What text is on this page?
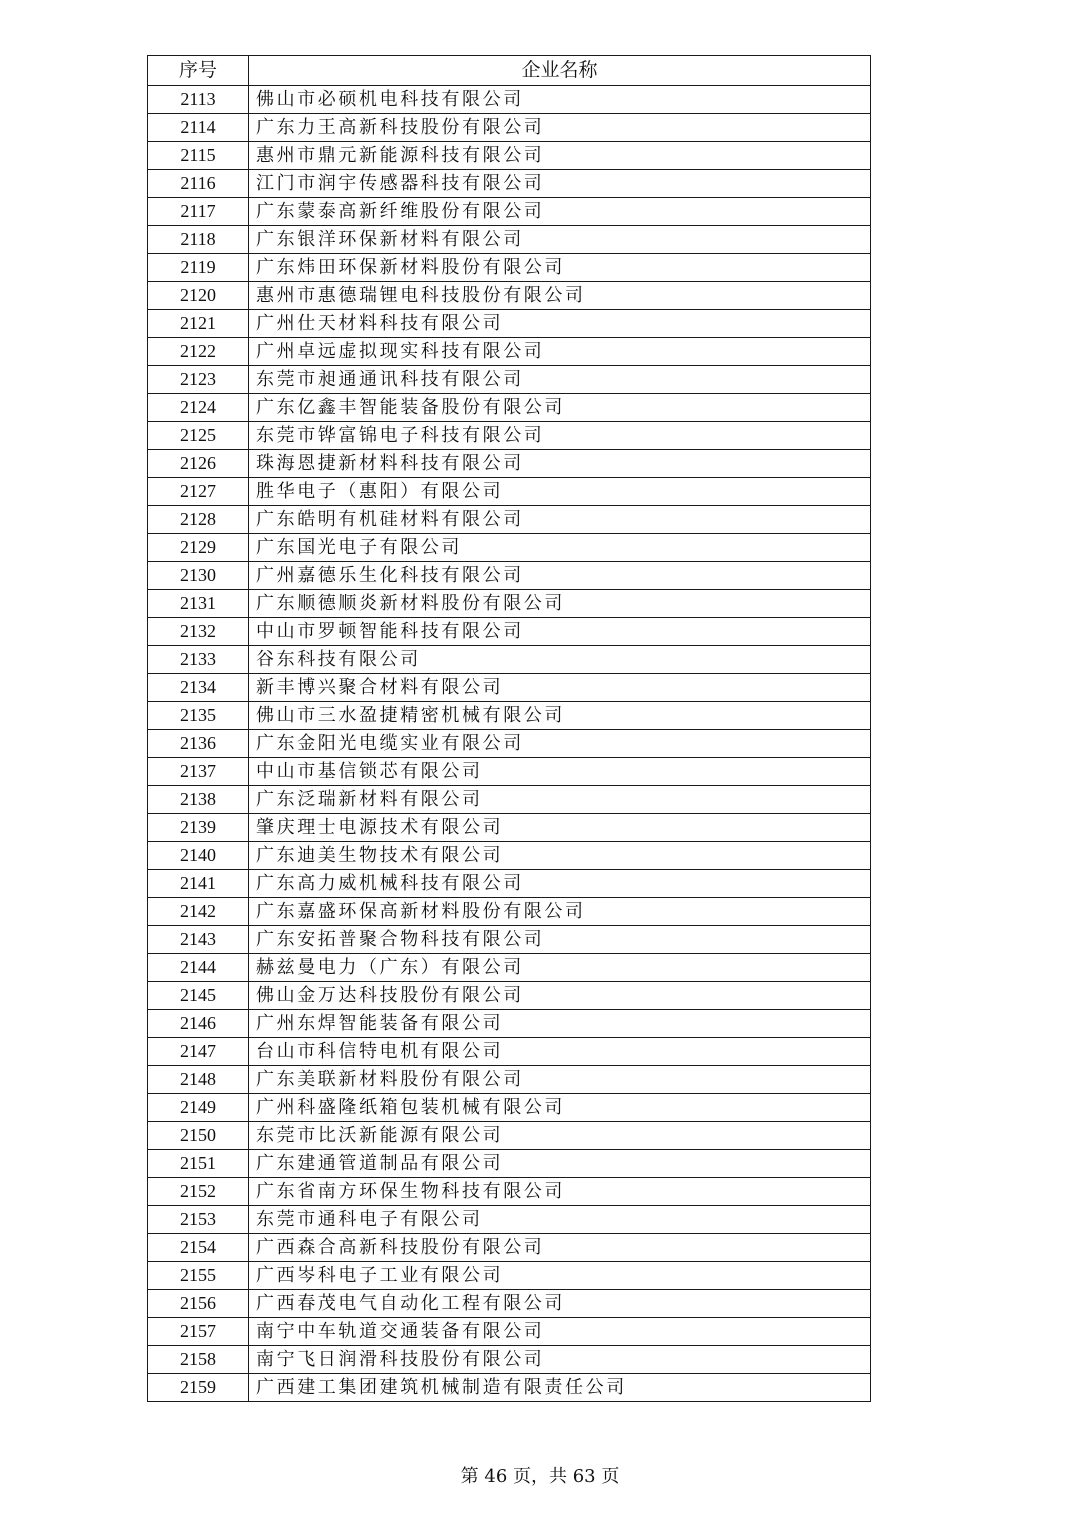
序号	企业名称
2113	佛山市必硕机电科技有限公司
2114	广东力王高新科技股份有限公司
2115	惠州市鼎元新能源科技有限公司
2116	江门市润宇传感器科技有限公司
2117	广东蒙泰高新纤维股份有限公司
2118	广东银洋环保新材料有限公司
2119	广东炜田环保新材料股份有限公司
2120	惠州市惠德瑞锂电科技股份有限公司
2121	广州仕天材料科技有限公司
2122	广州卓远虚拟现实科技有限公司
2123	东莞市昶通通讯科技有限公司
2124	广东亿鑫丰智能装备股份有限公司
2125	东莞市铧富锦电子科技有限公司
2126	珠海恩捷新材料科技有限公司
2127	胜华电子（惠阳）有限公司
2128	广东皓明有机硅材料有限公司
2129	广东国光电子有限公司
2130	广州嘉德乐生化科技有限公司
2131	广东顺德顺炎新材料股份有限公司
2132	中山市罗顿智能科技有限公司
2133	谷东科技有限公司
2134	新丰博兴聚合材料有限公司
2135	佛山市三水盈捷精密机械有限公司
2136	广东金阳光电缆实业有限公司
2137	中山市基信锁芯有限公司
2138	广东泛瑞新材料有限公司
2139	肇庆理士电源技术有限公司
2140	广东迪美生物技术有限公司
2141	广东高力威机械科技有限公司
2142	广东嘉盛环保高新材料股份有限公司
2143	广东安拓普聚合物科技有限公司
2144	赫兹曼电力（广东）有限公司
2145	佛山金万达科技股份有限公司
2146	广州东焊智能装备有限公司
2147	台山市科信特电机有限公司
2148	广东美联新材料股份有限公司
2149	广州科盛隆纸箱包装机械有限公司
2150	东莞市比沃新能源有限公司
2151	广东建通管道制品有限公司
2152	广东省南方环保生物科技有限公司
2153	东莞市通科电子有限公司
2154	广西森合高新科技股份有限公司
2155	广西岑科电子工业有限公司
2156	广西春茂电气自动化工程有限公司
2157	南宁中车轨道交通装备有限公司
2158	南宁飞日润滑科技股份有限公司
2159	广西建工集团建筑机械制造有限责任公司
第 46 页，共 63 页
